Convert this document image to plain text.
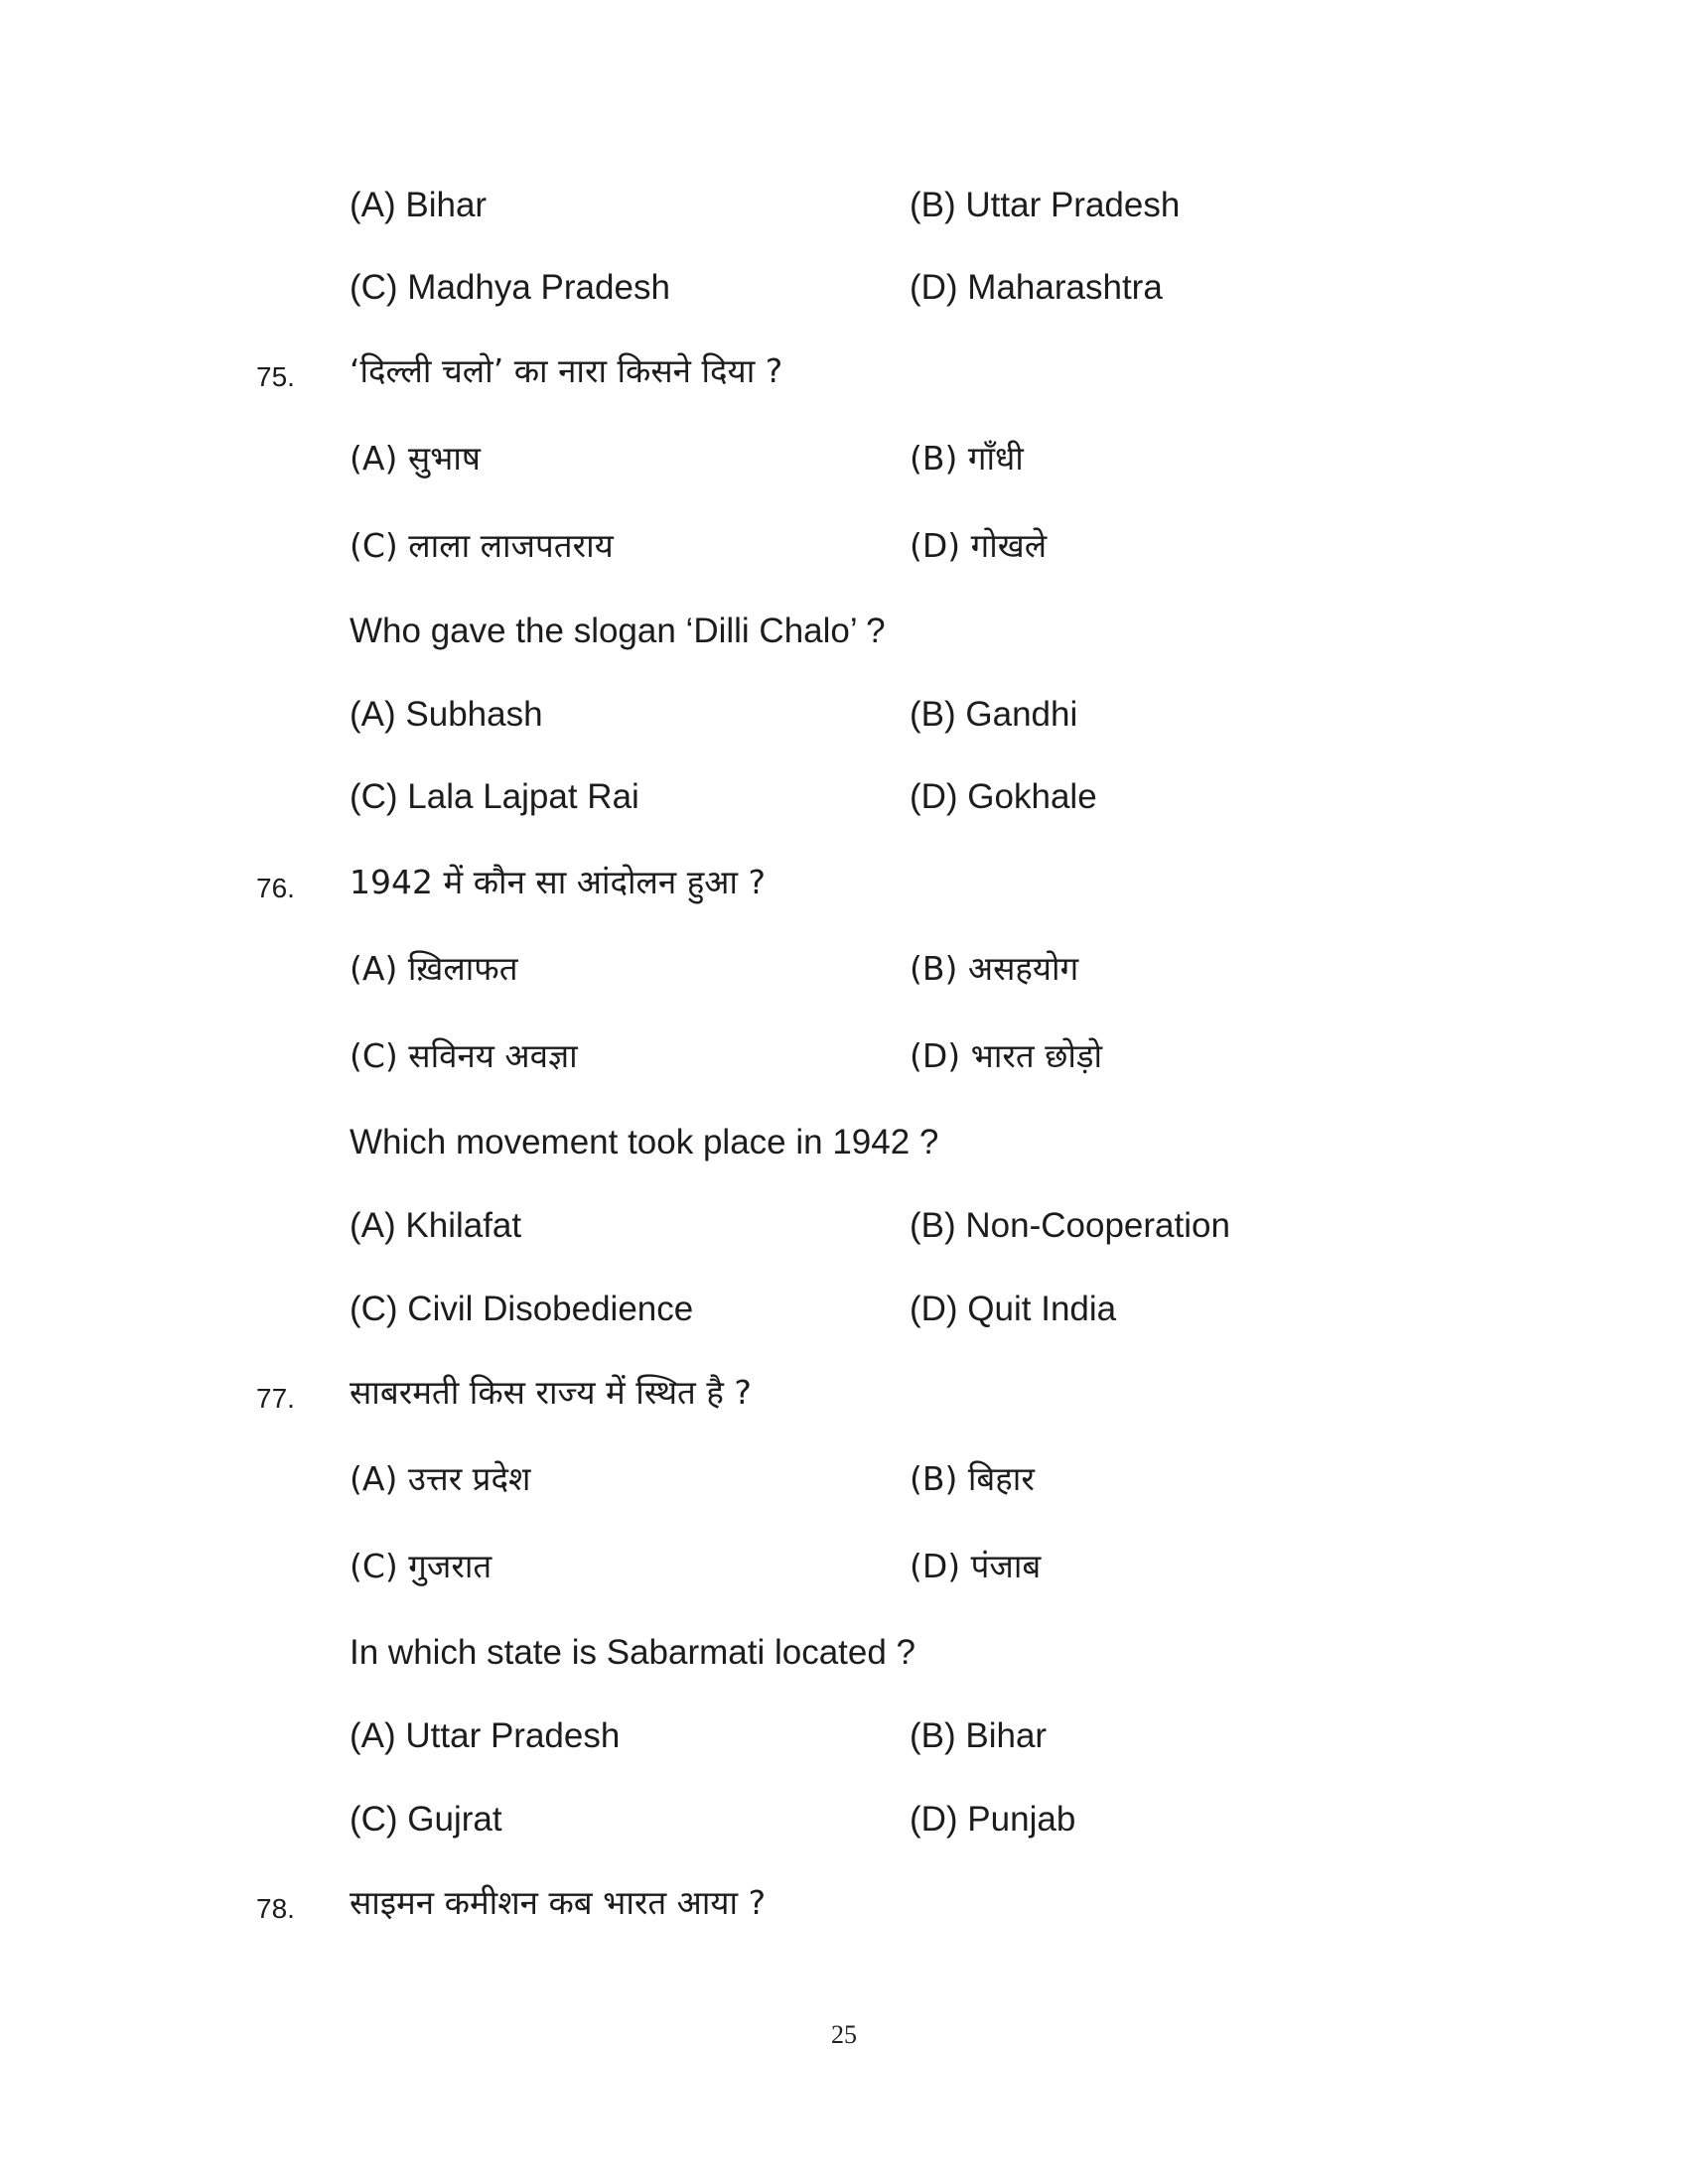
(A) Bihar	(B) Uttar Pradesh
(C) Madhya Pradesh	(D) Maharashtra
75. ‘दिल्ली चलो’ का नारा किसने दिया ?
(A) सुभाष	(B) गाँधी
(C) लाला लाजपतराय	(D) गोखले
Who gave the slogan ‘Dilli Chalo’ ?
(A) Subhash	(B) Gandhi
(C) Lala Lajpat Rai	(D) Gokhale
76. 1942 में कौन सा आंदोलन हुआ ?
(A) ख़िलाफत	(B) असहयोग
(C) सविनय अवज्ञा	(D) भारत छोड़ो
Which movement took place in 1942 ?
(A) Khilafat	(B) Non-Cooperation
(C) Civil Disobedience	(D) Quit India
77. साबरमती किस राज्य में स्थित है ?
(A) उत्तर प्रदेश	(B) बिहार
(C) गुजरात	(D) पंजाब
In which state is Sabarmati located ?
(A) Uttar Pradesh	(B) Bihar
(C) Gujrat	(D) Punjab
78. साइमन कमीशन कब भारत आया ?
25
